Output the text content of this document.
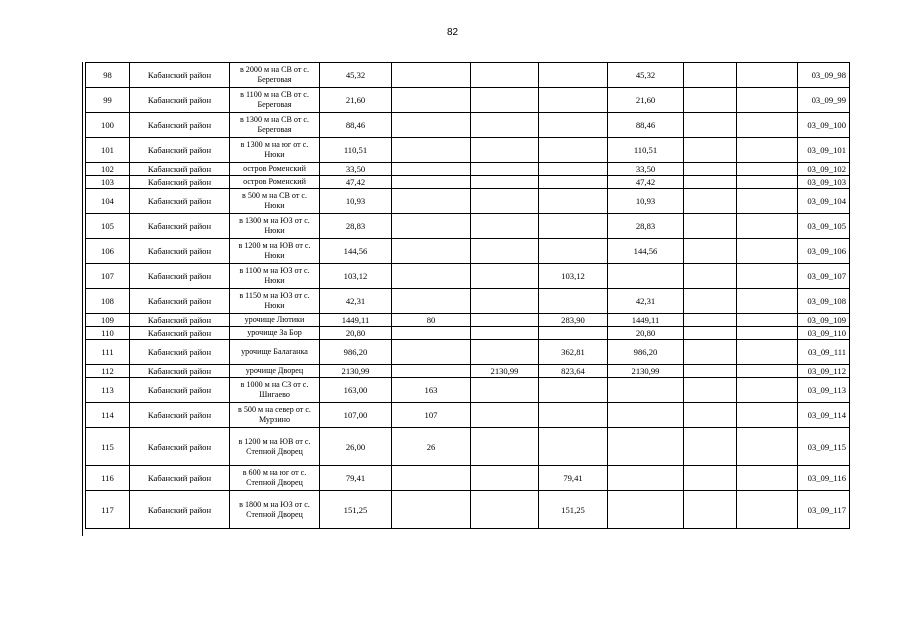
82
98	Кабанский район	в 2000 м на СВ от с. Береговая	45,32				45,32			03_09_98
99	Кабанский район	в 1100 м на СВ от с. Береговая	21,60				21,60			03_09_99
100	Кабанский район	в 1300 м на СВ от с. Береговая	88,46				88,46			03_09_100
101	Кабанский район	в 1300 м на юг от с. Нюки	110,51				110,51			03_09_101
102	Кабанский район	остров Роменский	33,50				33,50			03_09_102
103	Кабанский район	остров Роменский	47,42				47,42			03_09_103
104	Кабанский район	в 500 м на СВ от с. Нюки	10,93				10,93			03_09_104
105	Кабанский район	в 1300 м на ЮЗ от с. Нюки	28,83				28,83			03_09_105
106	Кабанский район	в 1200 м на ЮВ от с. Нюки	144,56				144,56			03_09_106
107	Кабанский район	в 1100 м на ЮЗ от с. Нюки	103,12			103,12				03_09_107
108	Кабанский район	в 1150 м на ЮЗ от с. Нюки	42,31				42,31			03_09_108
109	Кабанский район	урочище Лютики	1449,11	80		283,90	1449,11			03_09_109
110	Кабанский район	урочище За Бор	20,80				20,80			03_09_110
111	Кабанский район	урочище Балаганка	986,20			362,81	986,20			03_09_111
112	Кабанский район	урочище Дворец	2130,99		2130,99	823,64	2130,99			03_09_112
113	Кабанский район	в 1000 м на СЗ от с. Шигаево	163,00	163						03_09_113
114	Кабанский район	в 500 м на север от с. Мурзино	107,00	107						03_09_114
115	Кабанский район	в 1200 м на ЮВ от с. Степной Дворец	26,00	26						03_09_115
116	Кабанский район	в 600 м на юг от с. Степной Дворец	79,41			79,41				03_09_116
117	Кабанский район	в 1800 м на ЮЗ от с. Степной Дворец	151,25			151,25				03_09_117
